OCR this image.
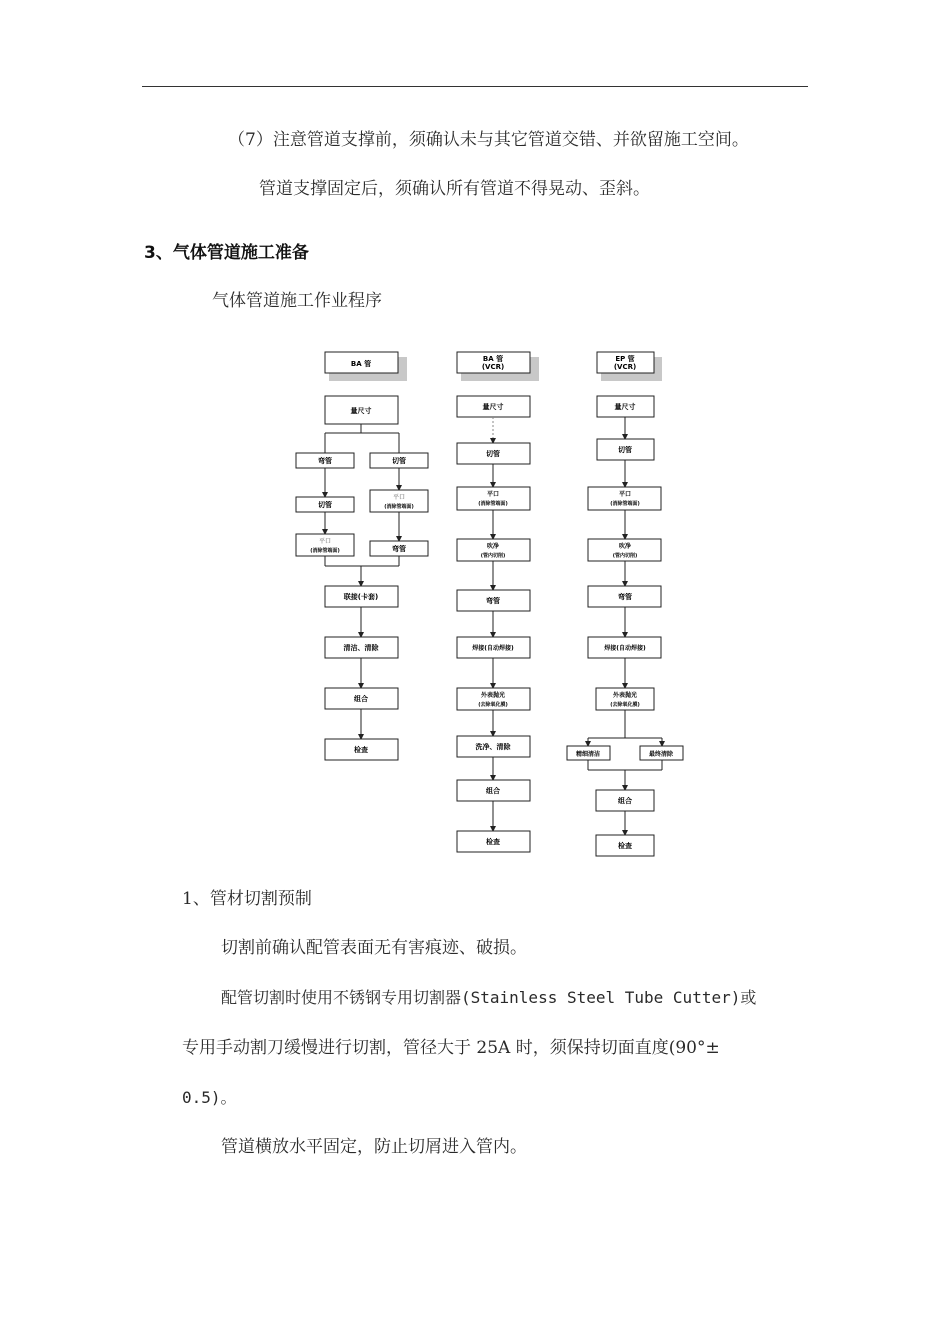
（7）注意管道支撑前，须确认未与其它管道交错、并欲留施工空间。
管道支撑固定后，须确认所有管道不得晃动、歪斜。
3、气体管道施工准备
气体管道施工作业程序
BA 管
量尺寸
弯管	切管
切管
平口
(消除管端面)
平口
(消除管端面)	弯管
联接(卡套)
清洁、清除
组合
检查
BA 管
(VCR)
量尺寸
切管
平口
(消除管端面)
吹净
(管内切削)
弯管
焊接(自动焊接)
外表抛光
(去除氧化膜)
洗净、清除
组合
检查
EP 管
(VCR)
量尺寸
切管
平口
(消除管端面)
吹净
(管内切削)
弯管
焊接(自动焊接)
外表抛光
(去除氧化膜)
精细清洁	最终清除
组合
检查
1、管材切割预制
切割前确认配管表面无有害痕迹、破损。
配管切割时使用不锈钢专用切割器(Stainless Steel Tube Cutter)或
专用手动割刀缓慢进行切割，管径大于 25A 时，须保持切面直度(90°±
0.5)。
管道横放水平固定，防止切屑进入管内。
